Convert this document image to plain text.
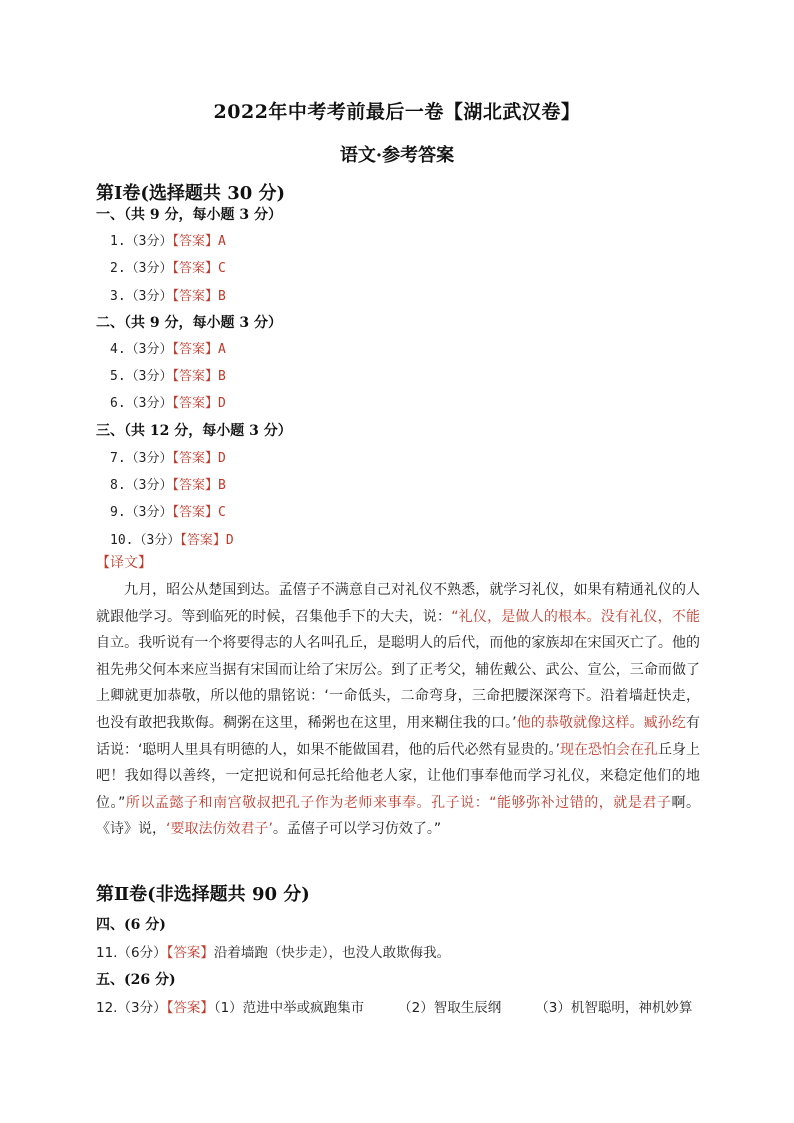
2022年中考考前最后一卷【湖北武汉卷】
语文·参考答案
第Ⅰ卷(选择题共 30 分)
一、（共 9 分，每小题 3 分）
1.（3分）【答案】A
2.（3分）【答案】C
3.（3分）【答案】B
二、（共 9 分，每小题 3 分）
4.（3分）【答案】A
5.（3分）【答案】B
6.（3分）【答案】D
三、（共 12 分，每小题 3 分）
7.（3分）【答案】D
8.（3分）【答案】B
9.（3分）【答案】C
10.（3分）【答案】D
【译文】
九月，昭公从楚国到达。孟僖子不满意自己对礼仪不熟悉，就学习礼仪，如果有精通礼仪的人就跟他学习。等到临死的时候，召集他手下的大夫，说：“礼仪，是做人的根本。没有礼仪，不能自立。我听说有一个将要得志的人名叫孔丘，是聪明人的后代，而他的家族却在宋国灭亡了。他的祖先弗父何本来应当据有宋国而让给了宋厉公。到了正考父，辅佐戴公、武公、宣公，三命而做了上卿就更加恭敬，所以他的鼎铭说：‘一命低头，二命弯身，三命把腰深深弯下。沿着墙赶快走，也没有敢把我欺侮。稠粥在这里，稀粥也在这里，用来糊住我的口。’他的恭敬就像这样。臧孙纥有话说：‘聪明人里具有明德的人，如果不能做国君，他的后代必然有显贵的。’现在恐怕会在孔丘身上吧！我如得以善终，一定把说和何忌托给他老人家，让他们事奉他而学习礼仪，来稳定他们的地位。”所以孟懿子和南宫敬叔把孔子作为老师来事奉。孔子说：“能够弥补过错的，就是君子啊。《诗》说，‘要取法仿效君子’。孟僖子可以学习仿效了。”
第Ⅱ卷(非选择题共 90 分)
四、(6 分)
11.（6分）【答案】沿着墙跑（快步走），也没人敢欺侮我。
五、(26 分)
12.（3分）【答案】（1）范进中举或疯跑集市	（2）智取生辰纲	（3）机智聪明，神机妙算
